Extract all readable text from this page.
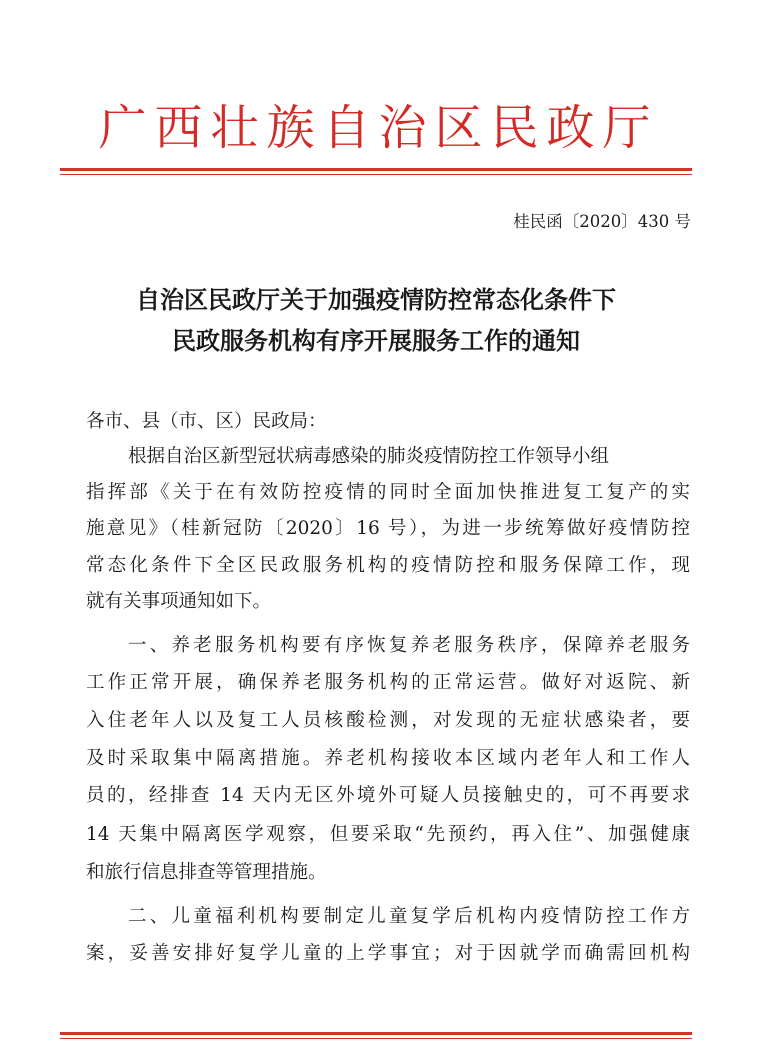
广西壮族自治区民政厅
桂民函〔2020〕430 号
自治区民政厅关于加强疫情防控常态化条件下
民政服务机构有序开展服务工作的通知
各市、县（市、区）民政局：
根据自治区新型冠状病毒感染的肺炎疫情防控工作领导小组
指挥部《关于在有效防控疫情的同时全面加快推进复工复产的实
施意见》（桂新冠防〔2020〕16 号），为进一步统筹做好疫情防控
常态化条件下全区民政服务机构的疫情防控和服务保障工作，现
就有关事项通知如下。
一、养老服务机构要有序恢复养老服务秩序，保障养老服务
工作正常开展，确保养老服务机构的正常运营。做好对返院、新
入住老年人以及复工人员核酸检测，对发现的无症状感染者，要
及时采取集中隔离措施。养老机构接收本区域内老年人和工作人
员的，经排查 14 天内无区外境外可疑人员接触史的，可不再要求
14 天集中隔离医学观察，但要采取“先预约，再入住”、加强健康
和旅行信息排查等管理措施。
二、儿童福利机构要制定儿童复学后机构内疫情防控工作方
案，妥善安排好复学儿童的上学事宜；对于因就学而确需回机构
